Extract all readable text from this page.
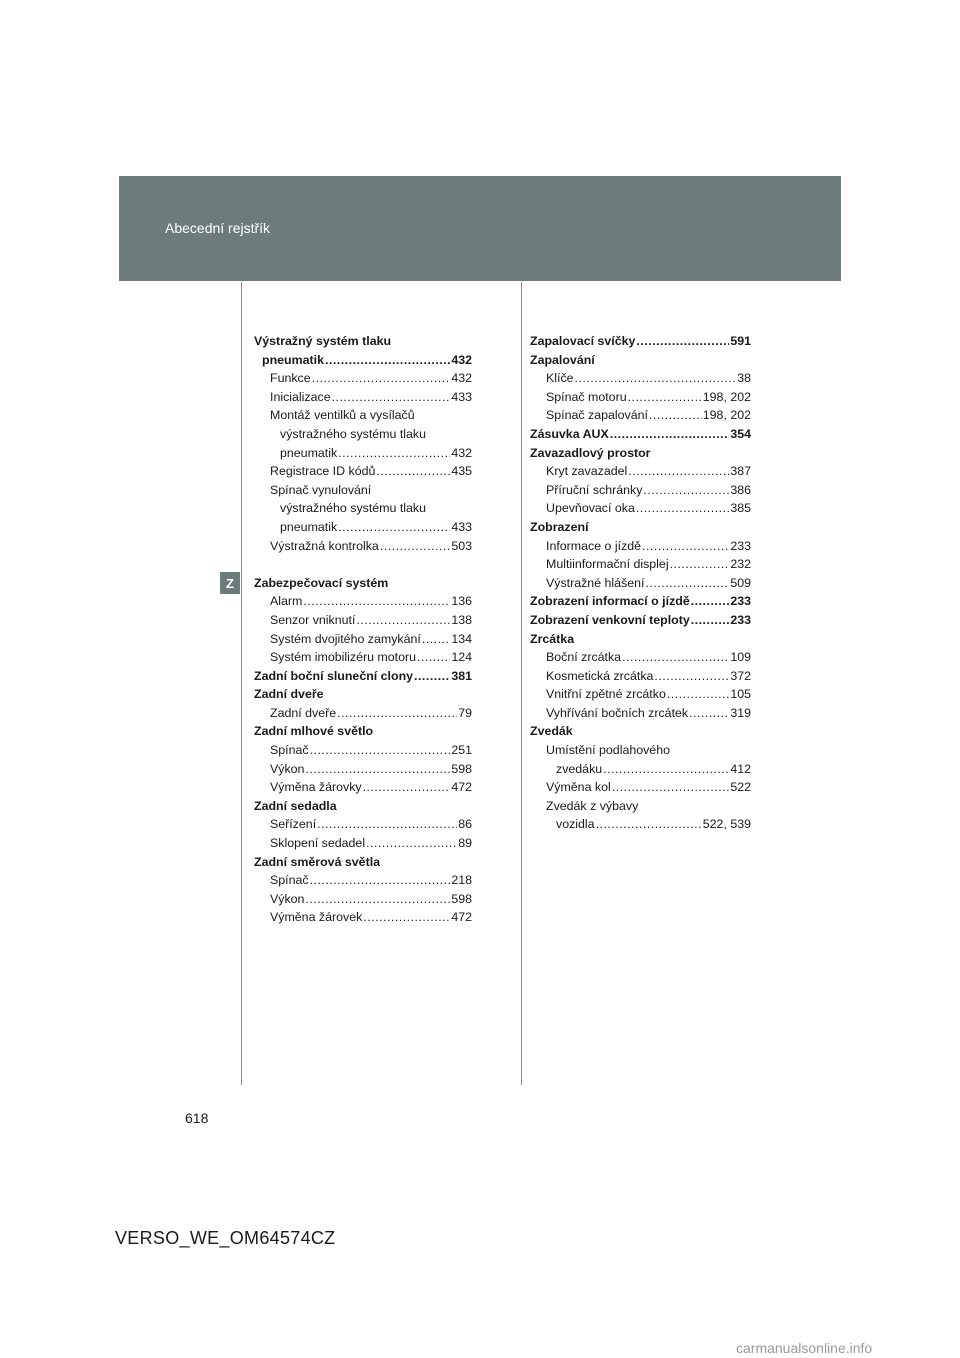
Abecední rejstřík
Z
Výstražný systém tlaku
pneumatik .....	432
Funkce .....	432
Inicializace .....	433
Montáž ventilků a vysílačů
výstražného systému tlaku
pneumatik .....	432
Registrace ID kódů .....	435
Spínač vynulování
výstražného systému tlaku
pneumatik .....	433
Výstražná kontrolka .....	503
Zabezpečovací systém
Alarm .....	136
Senzor vniknutí .....	138
Systém dvojitého zamykání ..... 134
Systém imobilizéru motoru .....	124
Zadní boční sluneční clony .....	381
Zadní dveře
Zadní dveře .....	79
Zadní mlhové světlo
Spínač .....	251
Výkon .....	598
Výměna žárovky .....	472
Zadní sedadla
Seřízení .....	86
Sklopení sedadel .....	89
Zadní směrová světla
Spínač .....	218
Výkon .....	598
Výměna žárovek .....	472
Zapalovací svíčky .....	591
Zapalování
Klíče .....	38
Spínač motoru .....	198, 202
Spínač zapalování .....	198, 202
Zásuvka AUX .....	354
Zavazadlový prostor
Kryt zavazadel .....	387
Příruční schránky .....	386
Upevňovací oka .....	385
Zobrazení
Informace o jízdě .....	233
Multiinformační displej .....	232
Výstražné hlášení .....	509
Zobrazení informací o jízdě .....	233
Zobrazení venkovní teploty .....	233
Zrcátka
Boční zrcátka .....	109
Kosmetická zrcátka .....	372
Vnitřní zpětné zrcátko .....	105
Vyhřívání bočních zrcátek .....	319
Zvedák
Umístění podlahového
zvedáku .....	412
Výměna kol .....	522
Zvedák z výbavy
vozidla .....	522, 539
618
VERSO_WE_OM64574CZ
carmanualsonline.info
